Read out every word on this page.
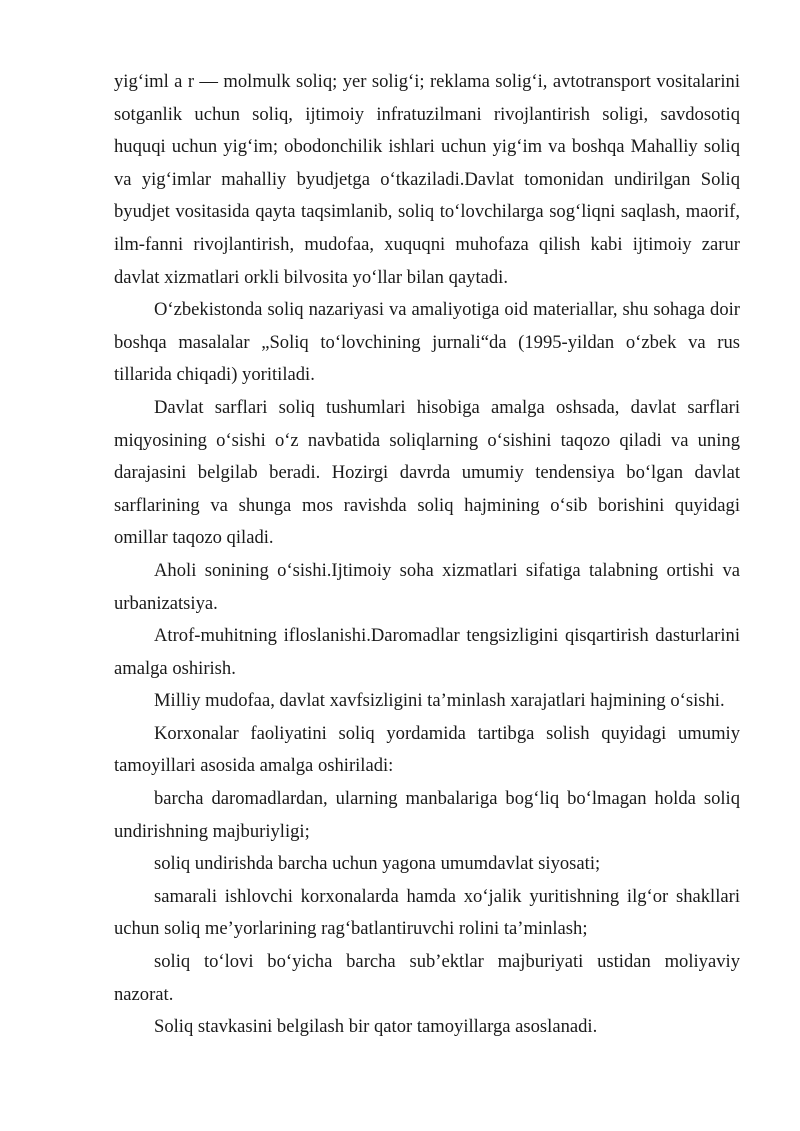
yig‘iml a r — molmulk soliq; yer solig‘i; reklama solig‘i, avtotransport vositalarini sotganlik uchun soliq, ijtimoiy infratuzilmani rivojlantirish soligi, savdosotiq huquqi uchun yig‘im; obodonchilik ishlari uchun yig‘im va boshqa Mahalliy soliq va yig‘imlar mahalliy byudjetga o‘tkaziladi.Davlat tomonidan undirilgan Soliq byudjet vositasida qayta taqsimlanib, soliq to‘lovchilarga sog‘liqni saqlash, maorif, ilm-fanni rivojlantirish, mudofaa, xuquqni muhofaza qilish kabi ijtimoiy zarur davlat xizmatlari orkli bilvosita yo‘llar bilan qaytadi.

O‘zbekistonda soliq nazariyasi va amaliyotiga oid materiallar, shu sohaga doir boshqa masalalar „Soliq to‘lovchining jurnali“da (1995-yildan o‘zbek va rus tillarida chiqadi) yoritiladi.

Davlat sarflari soliq tushumlari hisobiga amalga oshsada, davlat sarflari miqyosining o‘sishi o‘z navbatida soliqlarning o‘sishini taqozo qiladi va uning darajasini belgilab beradi. Hozirgi davrda umumiy tendensiya bo‘lgan davlat sarflarining va shunga mos ravishda soliq hajmining o‘sib borishini quyidagi omillar taqozo qiladi.

Aholi sonining o‘sishi.Ijtimoiy soha xizmatlari sifatiga talabning ortishi va urbanizatsiya.

Atrof-muhitning ifloslanishi.Daromadlar tengsizligini qisqartirish dasturlarini amalga oshirish.

Milliy mudofaa, davlat xavfsizligini ta’minlash xarajatlari hajmining o‘sishi.

Korxonalar faoliyatini soliq yordamida tartibga solish quyidagi umumiy tamoyillari asosida amalga oshiriladi:

barcha daromadlardan, ularning manbalariga bog‘liq bo‘lmagan holda soliq undirishning majburiyligi;

soliq undirishda barcha uchun yagona umumdavlat siyosati;

samarali ishlovchi korxonalarda hamda xo‘jalik yuritishning ilg‘or shakllari uchun soliq me’yorlarining rag‘batlantiruvchi rolini ta’minlash;

soliq to‘lovi bo‘yicha barcha sub’ektlar majburiyati ustidan moliyaviy nazorat.

Soliq stavkasini belgilash bir qator tamoyillarga asoslanadi.
